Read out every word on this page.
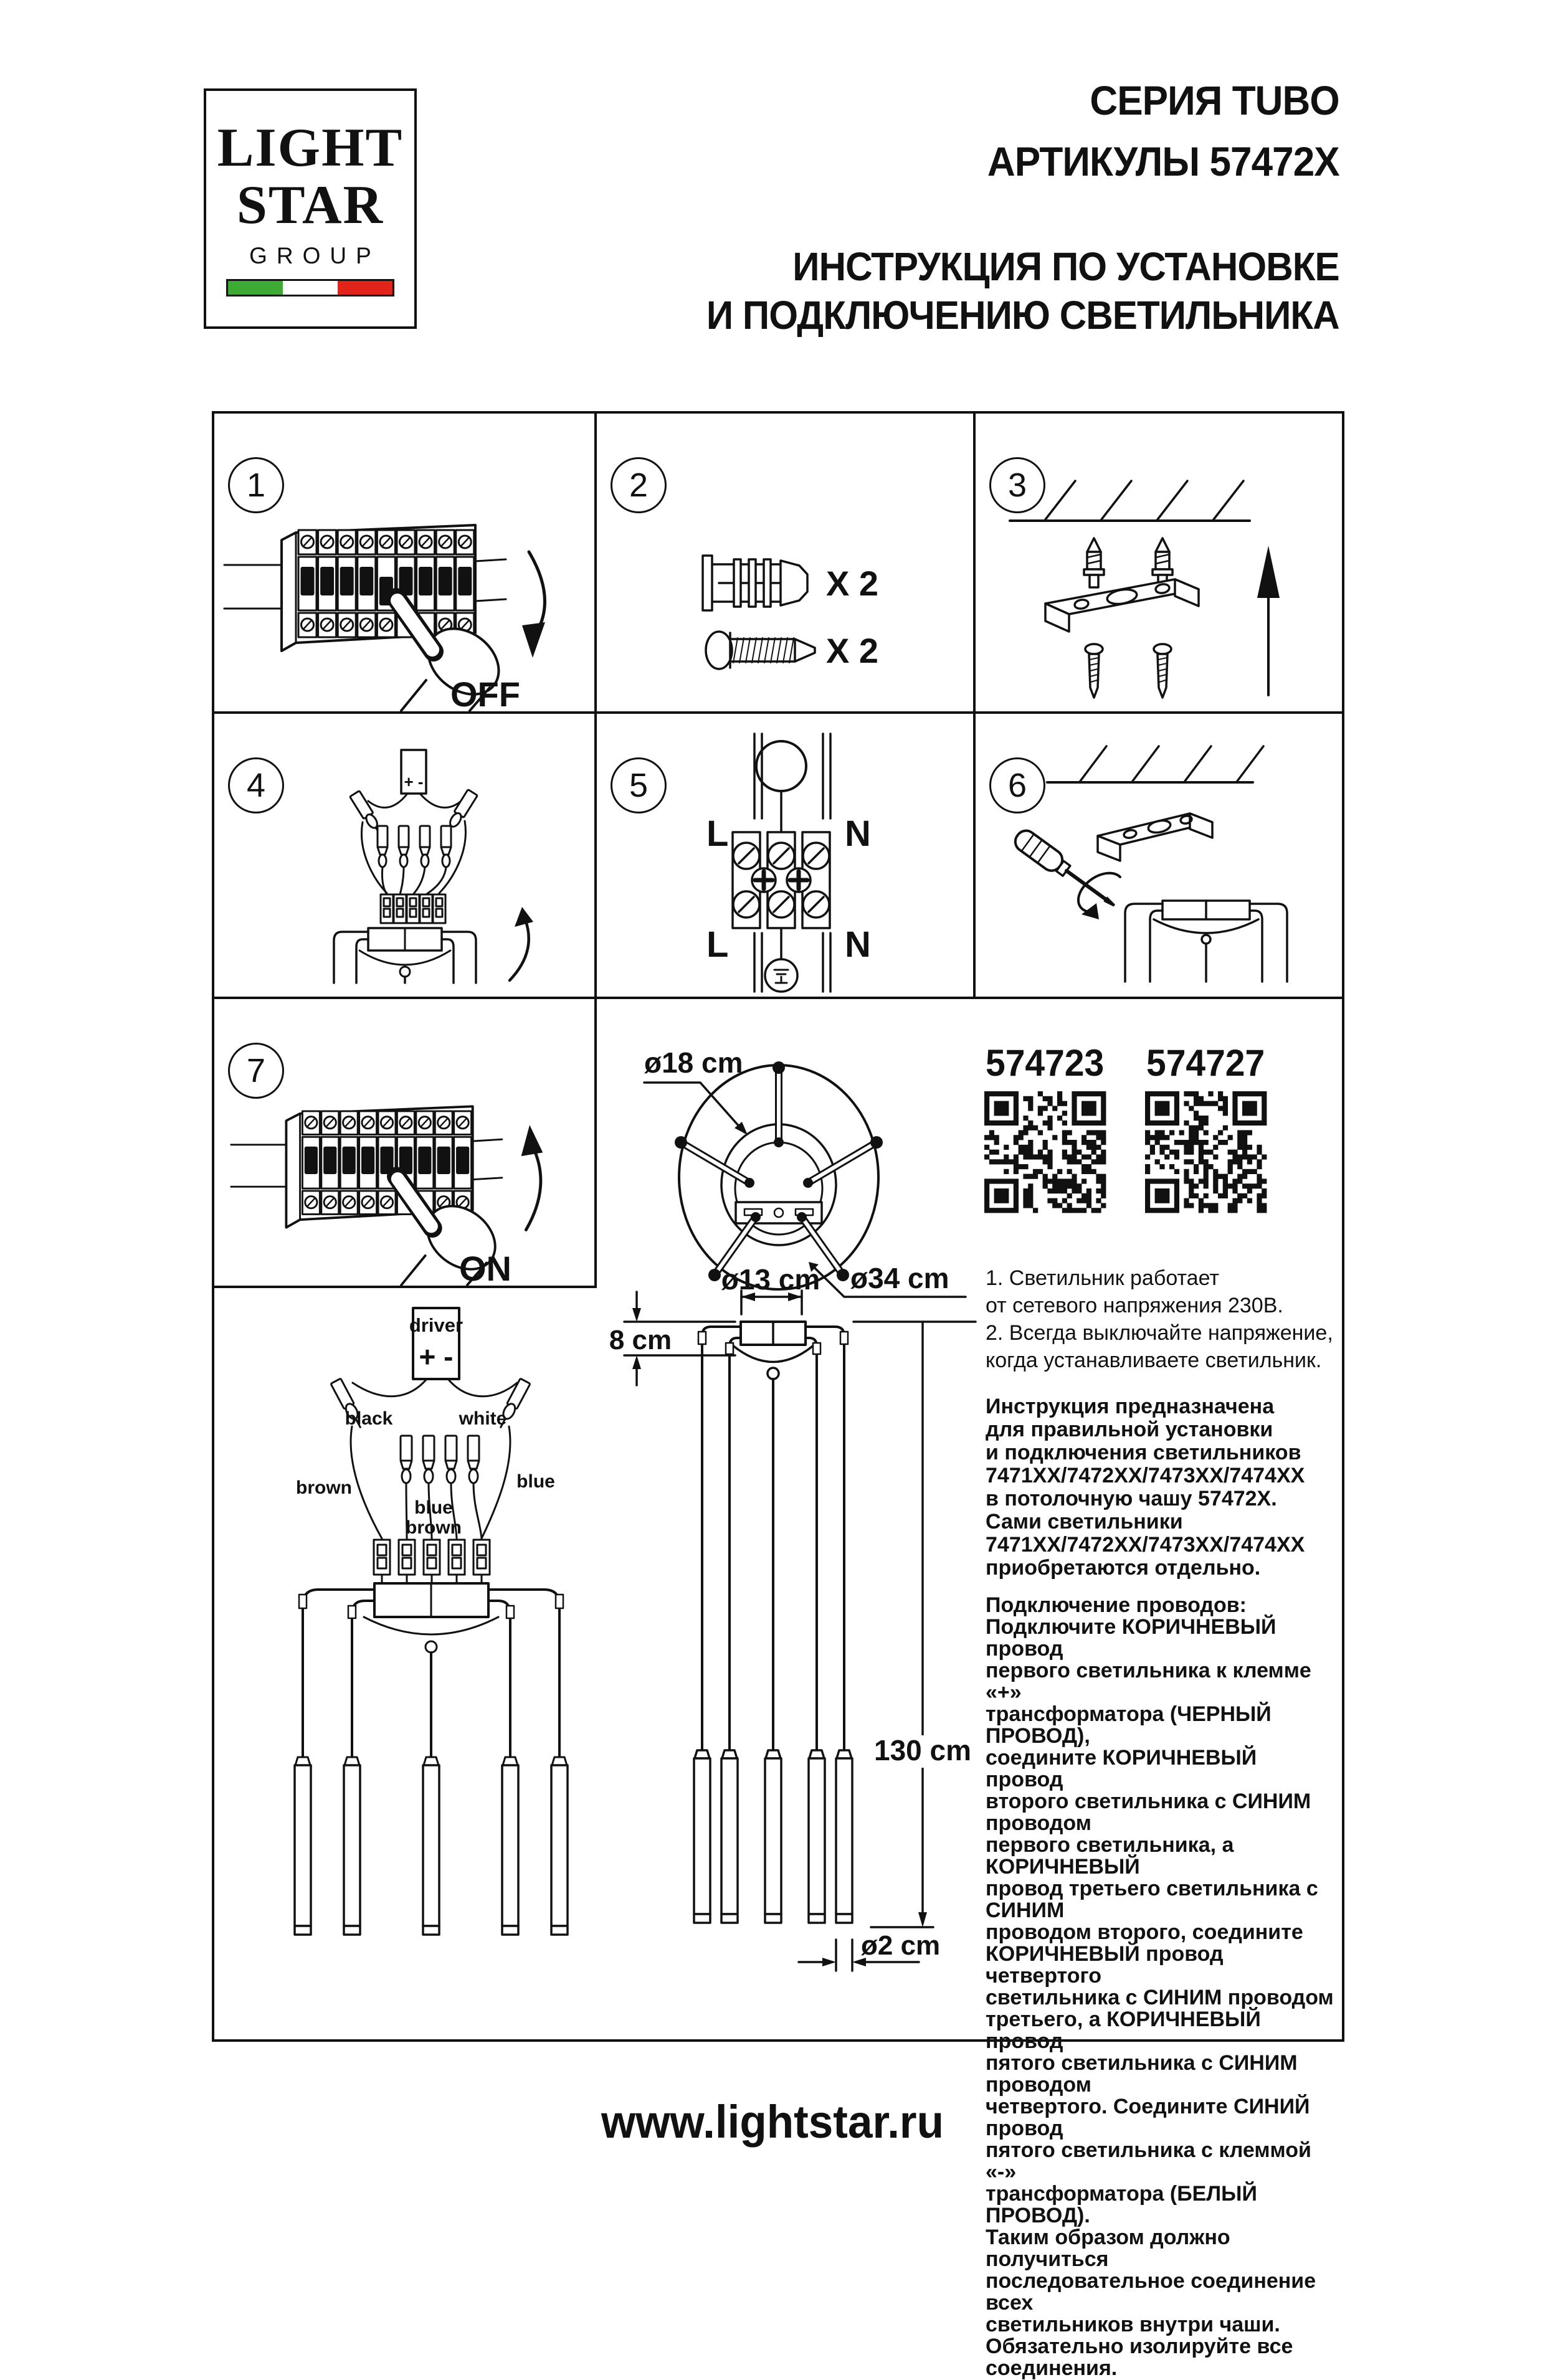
LIGHT
STAR
GROUP
СЕРИЯ TUBO
АРТИКУЛЫ 57472X
ИНСТРУКЦИЯ ПО УСТАНОВКЕ
И ПОДКЛЮЧЕНИЮ СВЕТИЛЬНИКА
1
OFF
2
X 2
X 2
3
4	+ -	5
L	N
L	N
6
7
ON
ø18 cm
ø34 cm
ø13 cm
8 cm
130 cm
ø2 cm
black	white
brown	blue
blue
brown
driver
+ -
574723 574727
1. Светильник работает
от сетевого напряжения 230В.
2. Всегда выключайте напряжение,
когда устанавливаете светильник.
Инструкция предназначена
для правильной установки
и подключения светильников
7471XX/7472XX/7473XX/7474XX
в потолочную чашу 57472X.
Сами светильники
7471XX/7472XX/7473XX/7474XX
приобретаются отдельно.
Подключение проводов:
Подключите КОРИЧНЕВЫЙ провод
первого светильника к клемме «+»
трансформатора (ЧЕРНЫЙ ПРОВОД),
соедините КОРИЧНЕВЫЙ провод
второго светильника с СИНИМ проводом
первого светильника, а КОРИЧНЕВЫЙ
провод третьего светильника с СИНИМ
проводом второго, соедините
КОРИЧНЕВЫЙ провод четвертого
светильника с СИНИМ проводом
третьего, а КОРИЧНЕВЫЙ провод
пятого светильника с СИНИМ проводом
четвертого. Соедините СИНИЙ провод
пятого светильника с клеммой «-»
трансформатора (БЕЛЫЙ ПРОВОД).
Таким образом должно получиться
последовательное соединение всех
светильников внутри чаши.
Обязательно изолируйте все соединения.
www.lightstar.ru
